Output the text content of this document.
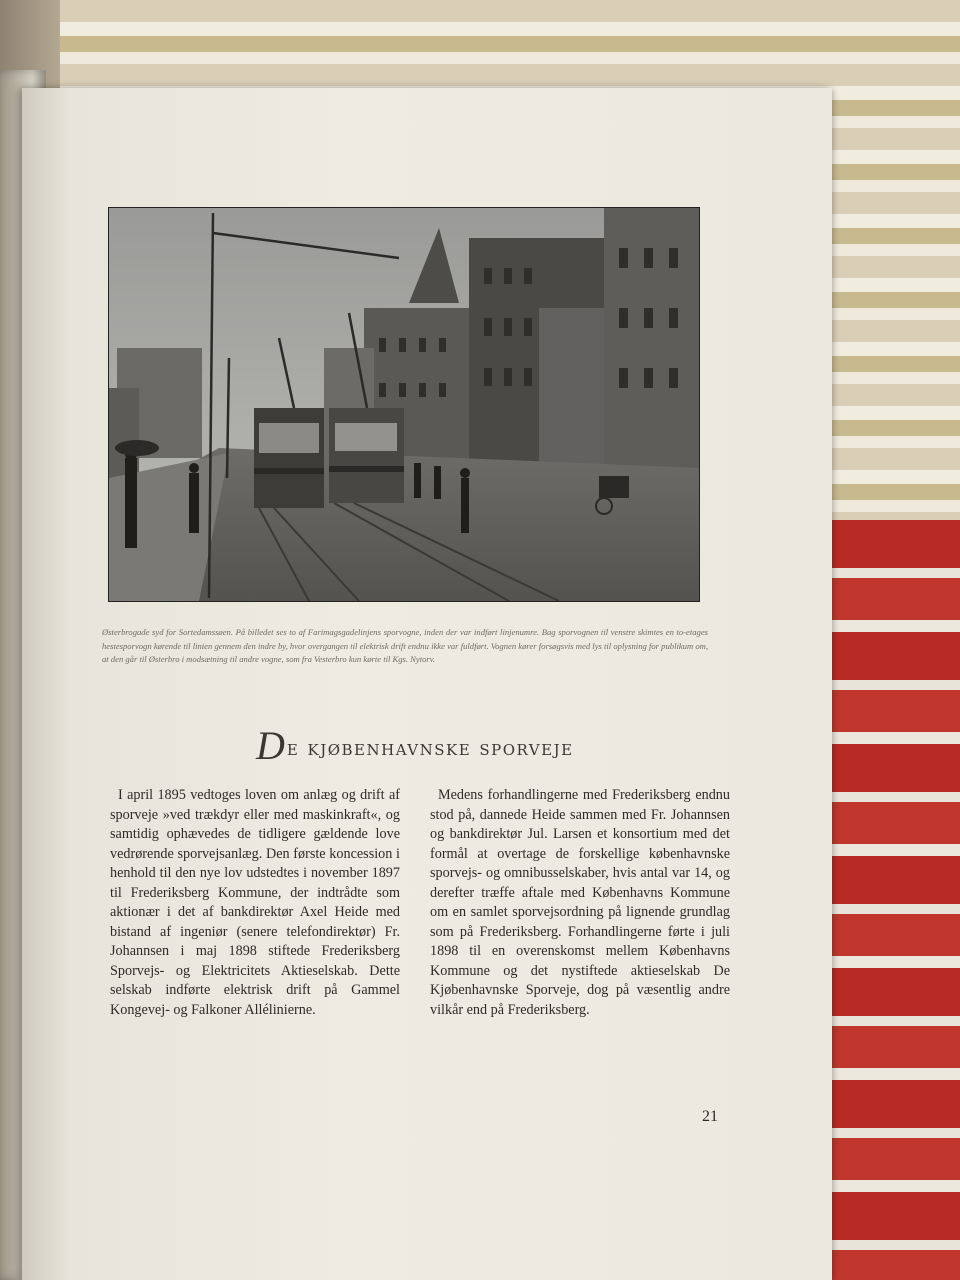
Østerbrogade syd for Sortedamssøen. På billedet ses to af Farimagsgadelinjens sporvogne, inden der var indført linjenumre. Bag sporvognen til venstre skimtes en to-etages hestesporvogn kørende til linien gennem den indre by, hvor overgangen til elektrisk drift endnu ikke var fuldført. Vognen kører forsøgsvis med lys til oplysning for publikum om, at den går til Østerbro i modsætning til andre vogne, som fra Vesterbro kun kørte til Kgs. Nytorv.
De kjøbenhavnske sporveje

I april 1895 vedtoges loven om anlæg og drift af sporveje »ved trækdyr eller med maskinkraft«, og samtidig ophævedes de tidligere gældende love vedrørende sporvejsanlæg. Den første koncession i henhold til den nye lov udstedtes i november 1897 til Frederiksberg Kommune, der indtrådte som aktionær i det af bankdirektør Axel Heide med bistand af ingeniør (senere telefondirektør) Fr. Johannsen i maj 1898 stiftede Frederiksberg Sporvejs- og Elektricitets Aktieselskab. Dette selskab indførte elektrisk drift på Gammel Kongevej- og Falkoner Allélinierne.

Medens forhandlingerne med Frederiksberg endnu stod på, dannede Heide sammen med Fr. Johannsen og bankdirektør Jul. Larsen et konsortium med det formål at overtage de forskellige københavnske sporvejs- og omnibusselskaber, hvis antal var 14, og derefter træffe aftale med Københavns Kommune om en samlet sporvejsordning på lignende grundlag som på Frederiksberg. Forhandlingerne førte i juli 1898 til en overenskomst mellem Københavns Kommune og det nystiftede aktieselskab De Kjøbenhavnske Sporveje, dog på væsentlig andre vilkår end på Frederiksberg.

21
